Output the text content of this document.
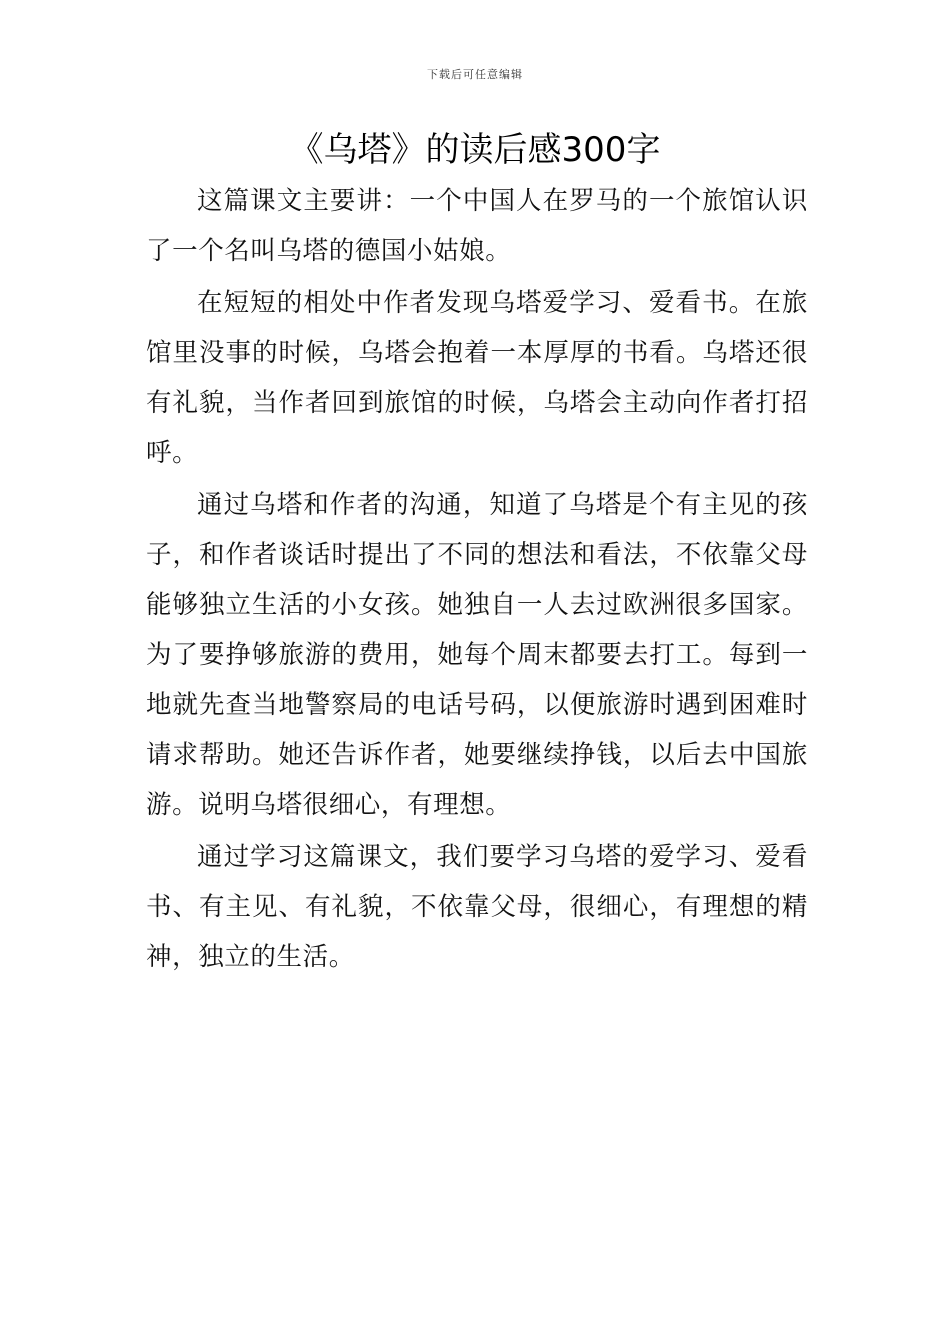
下载后可任意编辑
《乌塔》的读后感300字

这篇课文主要讲：一个中国人在罗马的一个旅馆认识了一个名叫乌塔的德国小姑娘。

在短短的相处中作者发现乌塔爱学习、爱看书。在旅馆里没事的时候，乌塔会抱着一本厚厚的书看。乌塔还很有礼貌，当作者回到旅馆的时候，乌塔会主动向作者打招呼。

通过乌塔和作者的沟通，知道了乌塔是个有主见的孩子，和作者谈话时提出了不同的想法和看法，不依靠父母能够独立生活的小女孩。她独自一人去过欧洲很多国家。为了要挣够旅游的费用，她每个周末都要去打工。每到一地就先查当地警察局的电话号码，以便旅游时遇到困难时请求帮助。她还告诉作者，她要继续挣钱，以后去中国旅游。说明乌塔很细心，有理想。

通过学习这篇课文，我们要学习乌塔的爱学习、爱看书、有主见、有礼貌，不依靠父母，很细心，有理想的精神，独立的生活。
